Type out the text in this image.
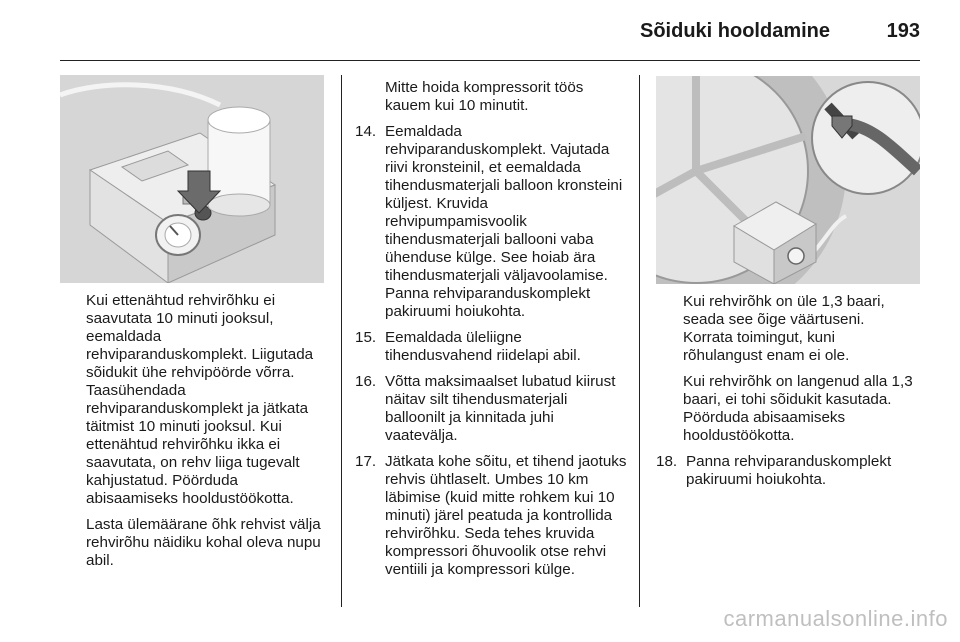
Sõiduki hooldamine	193

Kui ettenähtud rehvirõhku ei saavutata 10 minuti jooksul, eemaldada rehviparanduskomplekt. Liigutada sõidukit ühe rehvipöörde võrra. Taasühendada rehviparanduskomplekt ja jätkata täitmist 10 minuti jooksul. Kui ettenähtud rehvirõhku ikka ei saavutata, on rehv liiga tugevalt kahjustatud. Pöörduda abisaamiseks hooldustöökotta.

Lasta ülemäärane õhk rehvist välja rehvirõhu näidiku kohal oleva nupu abil.

Mitte hoida kompressorit töös kauem kui 10 minutit.

14. Eemaldada rehviparanduskomplekt. Vajutada riivi kronsteinil, et eemaldada tihendusmaterjali balloon kronsteini küljest. Kruvida rehvipumpamisvoolik tihendusmaterjali ballooni vaba ühenduse külge. See hoiab ära tihendusmaterjali väljavoolamise. Panna rehviparanduskomplekt pakiruumi hoiukohta.
15. Eemaldada üleliigne tihendusvahend riidelapi abil.
16. Võtta maksimaalset lubatud kiirust näitav silt tihendusmaterjali balloonilt ja kinnitada juhi vaatevälja.
17. Jätkata kohe sõitu, et tihend jaotuks rehvis ühtlaselt. Umbes 10 km läbimise (kuid mitte rohkem kui 10 minuti) järel peatuda ja kontrollida rehvirõhku. Seda tehes kruvida kompressori õhuvoolik otse rehvi ventiili ja kompressori külge.

Kui rehvirõhk on üle 1,3 baari, seada see õige väärtuseni. Korrata toimingut, kuni rõhulangust enam ei ole.

Kui rehvirõhk on langenud alla 1,3 baari, ei tohi sõidukit kasutada. Pöörduda abisaamiseks hooldustöökotta.

18. Panna rehviparanduskomplekt pakiruumi hoiukohta.
carmanualsonline.info
